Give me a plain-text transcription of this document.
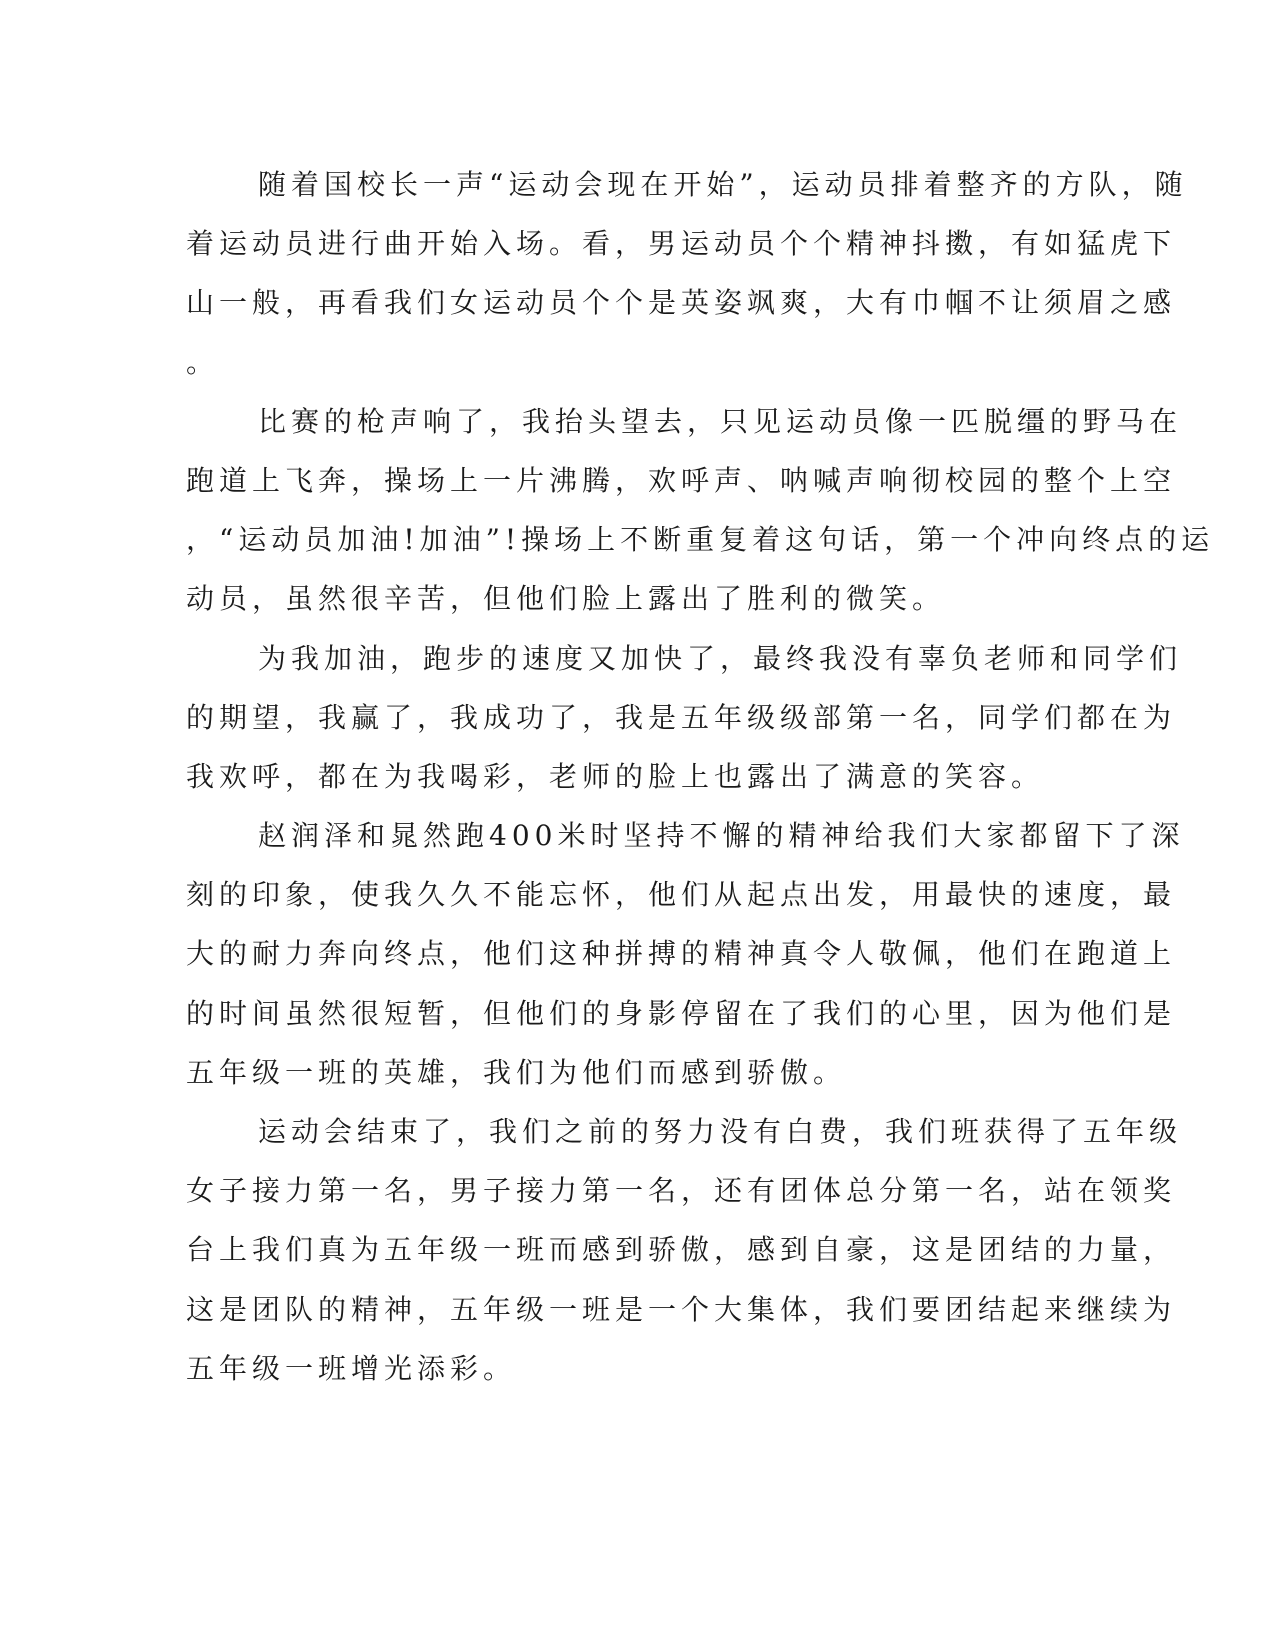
随着国校长一声“运动会现在开始”，运动员排着整齐的方队，随
着运动员进行曲开始入场。看，男运动员个个精神抖擞，有如猛虎下
山一般，再看我们女运动员个个是英姿飒爽，大有巾帼不让须眉之感
。
比赛的枪声响了，我抬头望去，只见运动员像一匹脱缰的野马在
跑道上飞奔，操场上一片沸腾，欢呼声、呐喊声响彻校园的整个上空
，“运动员加油!加油”!操场上不断重复着这句话，第一个冲向终点的运
动员，虽然很辛苦，但他们脸上露出了胜利的微笑。
为我加油，跑步的速度又加快了，最终我没有辜负老师和同学们
的期望，我赢了，我成功了，我是五年级级部第一名，同学们都在为
我欢呼，都在为我喝彩，老师的脸上也露出了满意的笑容。
赵润泽和晁然跑400米时坚持不懈的精神给我们大家都留下了深
刻的印象，使我久久不能忘怀，他们从起点出发，用最快的速度，最
大的耐力奔向终点，他们这种拼搏的精神真令人敬佩，他们在跑道上
的时间虽然很短暂，但他们的身影停留在了我们的心里，因为他们是
五年级一班的英雄，我们为他们而感到骄傲。
运动会结束了，我们之前的努力没有白费，我们班获得了五年级
女子接力第一名，男子接力第一名，还有团体总分第一名，站在领奖
台上我们真为五年级一班而感到骄傲，感到自豪，这是团结的力量，
这是团队的精神，五年级一班是一个大集体，我们要团结起来继续为
五年级一班增光添彩。
